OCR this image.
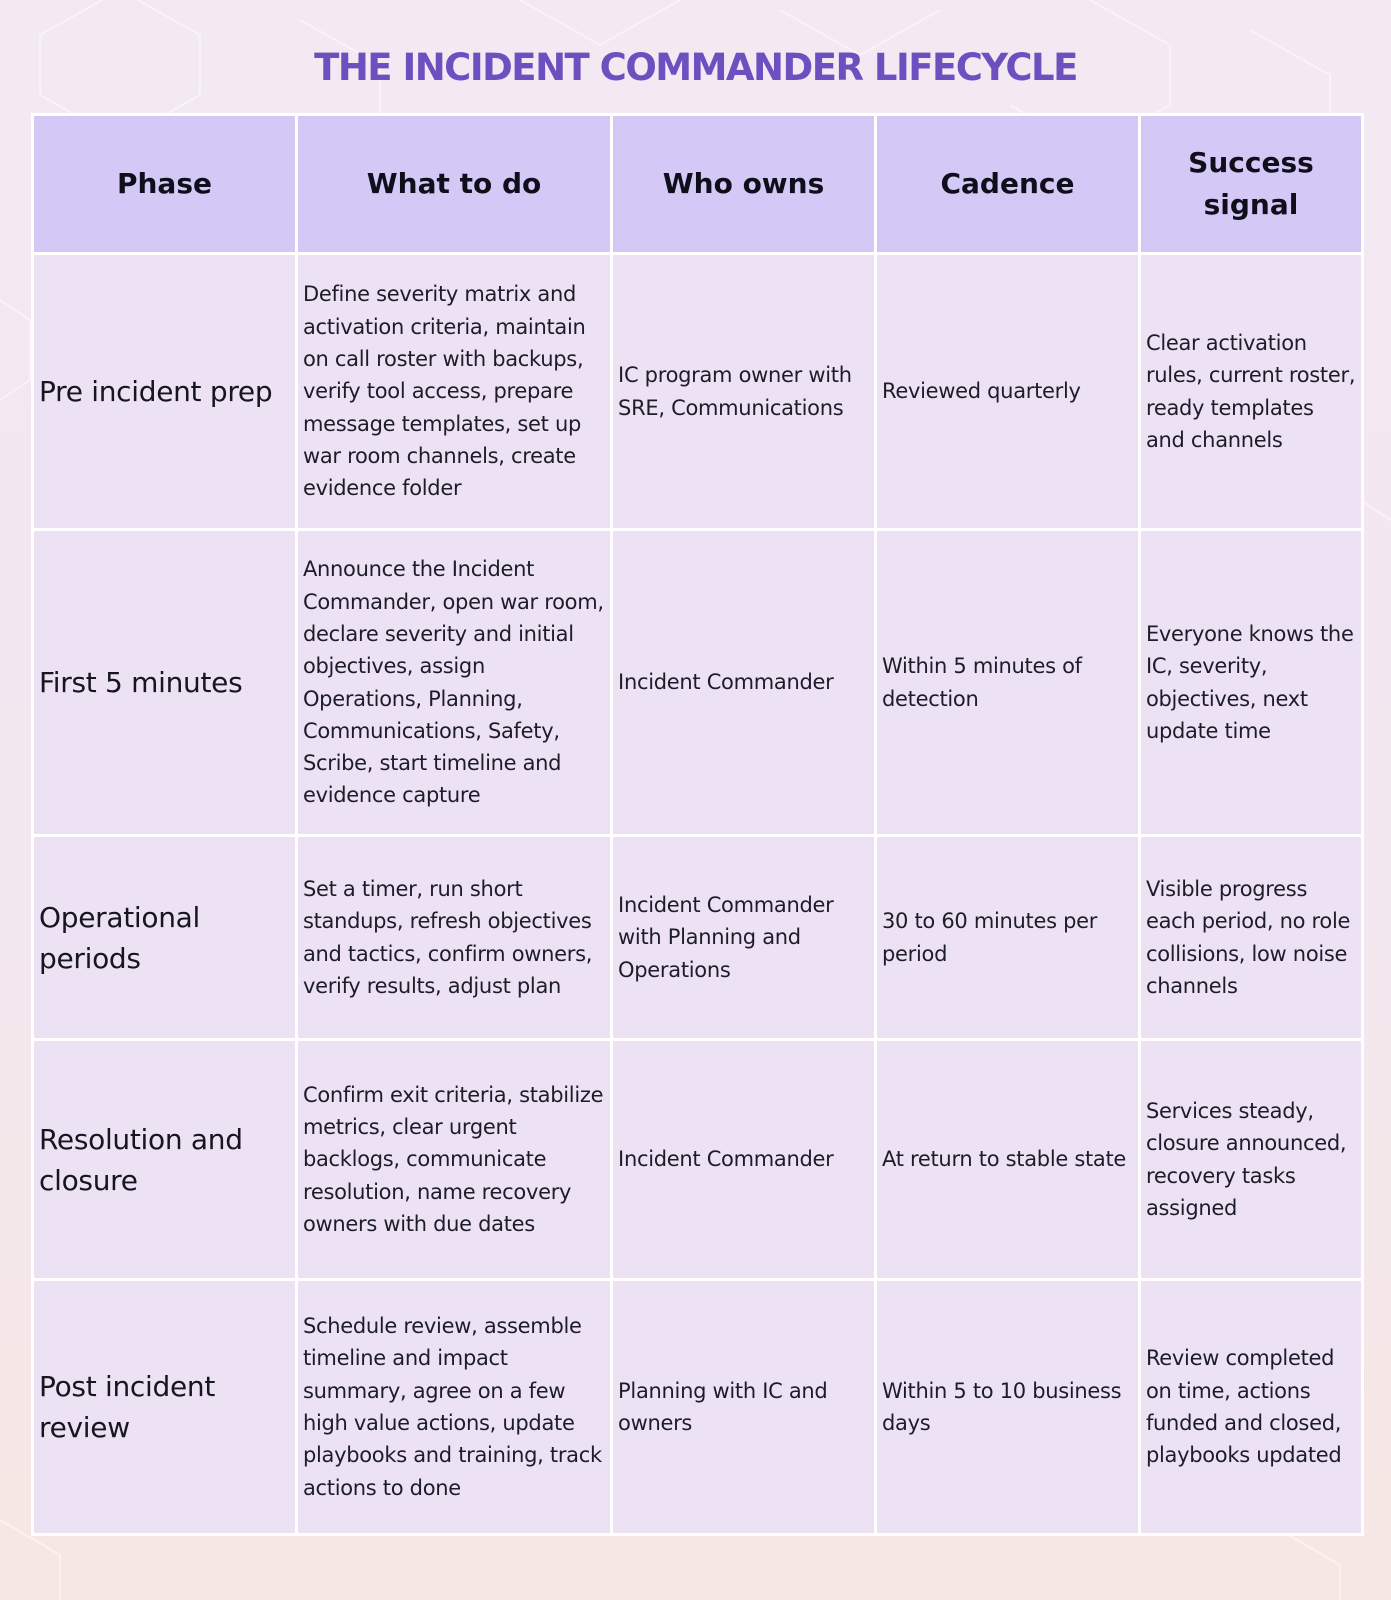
THE INCIDENT COMMANDER LIFECYCLE
Phase	What to do	Who owns	Cadence	Success signal
Pre incident prep	Define severity matrix and activation criteria, maintain on call roster with backups, verify tool access, prepare message templates, set up war room channels, create evidence folder	IC program owner with SRE, Communications	Reviewed quarterly	Clear activation rules, current roster, ready templates and channels
First 5 minutes	Announce the Incident Commander, open war room, declare severity and initial objectives, assign Operations, Planning, Communications, Safety, Scribe, start timeline and evidence capture	Incident Commander	Within 5 minutes of detection	Everyone knows the IC, severity, objectives, next update time
Operational periods	Set a timer, run short standups, refresh objectives and tactics, confirm owners, verify results, adjust plan	Incident Commander with Planning and Operations	30 to 60 minutes per period	Visible progress each period, no role collisions, low noise channels
Resolution and closure	Confirm exit criteria, stabilize metrics, clear urgent backlogs, communicate resolution, name recovery owners with due dates	Incident Commander	At return to stable state	Services steady, closure announced, recovery tasks assigned
Post incident review	Schedule review, assemble timeline and impact summary, agree on a few high value actions, update playbooks and training, track actions to done	Planning with IC and owners	Within 5 to 10 business days	Review completed on time, actions funded and closed, playbooks updated
